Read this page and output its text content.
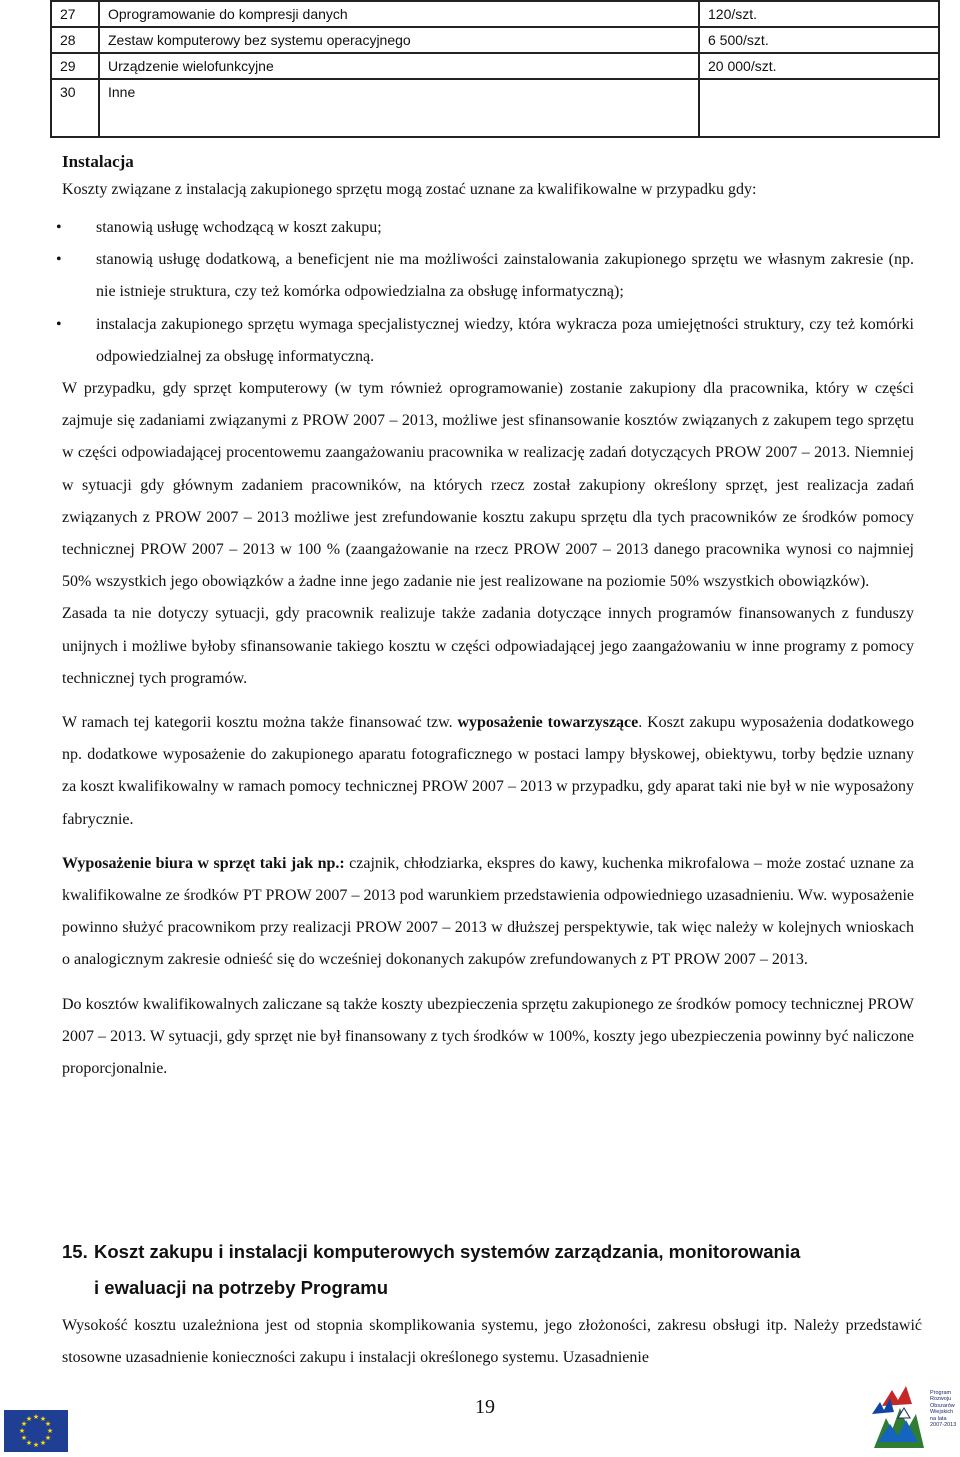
27	Oprogramowanie do kompresji danych	120/szt.
28	Zestaw komputerowy bez systemu operacyjnego	6 500/szt.
29	Urządzenie wielofunkcyjne	20 000/szt.
30	Inne	

Instalacja

Koszty związane z instalacją zakupionego sprzętu mogą zostać uznane za kwalifikowalne w przypadku gdy:

• stanowią usługę wchodzącą w koszt zakupu;

• stanowią usługę dodatkową, a beneficjent nie ma możliwości zainstalowania zakupionego sprzętu we własnym zakresie (np. nie istnieje struktura, czy też komórka odpowiedzialna za obsługę informatyczną);

• instalacja zakupionego sprzętu wymaga specjalistycznej wiedzy, która wykracza poza umiejętności struktury, czy też komórki odpowiedzialnej za obsługę informatyczną.

W przypadku, gdy sprzęt komputerowy (w tym również oprogramowanie) zostanie zakupiony dla pracownika, który w części zajmuje się zadaniami związanymi z PROW 2007 – 2013, możliwe jest sfinansowanie kosztów związanych z zakupem tego sprzętu w części odpowiadającej procentowemu zaangażowaniu pracownika w realizację zadań dotyczących PROW 2007 – 2013. Niemniej w sytuacji gdy głównym zadaniem pracowników, na których rzecz został zakupiony określony sprzęt, jest realizacja zadań związanych z PROW 2007 – 2013 możliwe jest zrefundowanie kosztu zakupu sprzętu dla tych pracowników ze środków pomocy technicznej PROW 2007 – 2013 w 100 % (zaangażowanie na rzecz PROW 2007 – 2013 danego pracownika wynosi co najmniej 50% wszystkich jego obowiązków a żadne inne jego zadanie nie jest realizowane na poziomie 50% wszystkich obowiązków).

Zasada ta nie dotyczy sytuacji, gdy pracownik realizuje także zadania dotyczące innych programów finansowanych z funduszy unijnych i możliwe byłoby sfinansowanie takiego kosztu w części odpowiadającej jego zaangażowaniu w inne programy z pomocy technicznej tych programów.

W ramach tej kategorii kosztu można także finansować tzw. wyposażenie towarzyszące. Koszt zakupu wyposażenia dodatkowego np. dodatkowe wyposażenie do zakupionego aparatu fotograficznego w postaci lampy błyskowej, obiektywu, torby będzie uznany za koszt kwalifikowalny w ramach pomocy technicznej PROW 2007 – 2013 w przypadku, gdy aparat taki nie był w nie wyposażony fabrycznie.

Wyposażenie biura w sprzęt taki jak np.: czajnik, chłodziarka, ekspres do kawy, kuchenka mikrofalowa – może zostać uznane za kwalifikowalne ze środków PT PROW 2007 – 2013 pod warunkiem przedstawienia odpowiedniego uzasadnieniu. Ww. wyposażenie powinno służyć pracownikom przy realizacji PROW 2007 – 2013 w dłuższej perspektywie, tak więc należy w kolejnych wnioskach o analogicznym zakresie odnieść się do wcześniej dokonanych zakupów zrefundowanych z PT PROW 2007 – 2013.

Do kosztów kwalifikowalnych zaliczane są także koszty ubezpieczenia sprzętu zakupionego ze środków pomocy technicznej PROW 2007 – 2013. W sytuacji, gdy sprzęt nie był finansowany z tych środków w 100%, koszty jego ubezpieczenia powinny być naliczone proporcjonalnie.

15. Koszt zakupu i instalacji komputerowych systemów zarządzania, monitorowania
i ewaluacji na potrzeby Programu

Wysokość kosztu uzależniona jest od stopnia skomplikowania systemu, jego złożoności, zakresu obsługi itp. Należy przedstawić stosowne uzasadnienie konieczności zakupu i instalacji określonego systemu. Uzasadnienie

19
★ ★
★
★
★
★
★
★
★
★
★
★
Program
Rozwoju
Obszarów
Wiejskich
na lata 2007-2013
